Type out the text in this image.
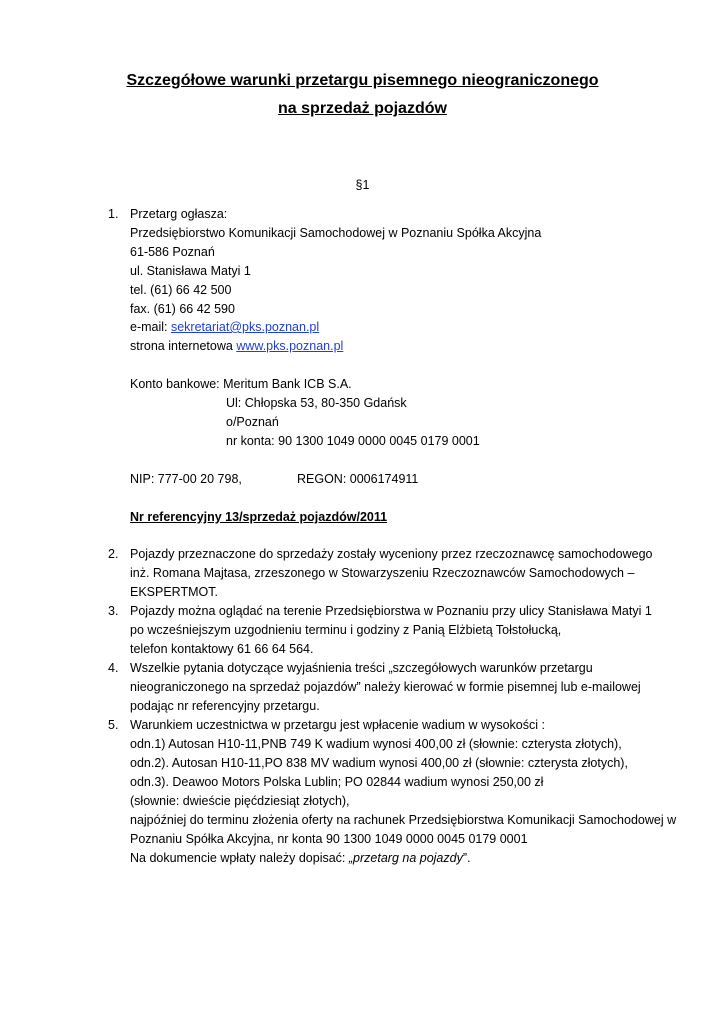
Szczegółowe warunki przetargu pisemnego nieograniczonego
na sprzedaż pojazdów
§1
1. Przetarg ogłasza:
Przedsiębiorstwo Komunikacji Samochodowej w Poznaniu Spółka Akcyjna
61-586 Poznań
ul. Stanisława Matyi 1
tel. (61) 66 42 500
fax. (61) 66 42 590
e-mail: sekretariat@pks.poznan.pl
strona internetowa www.pks.poznan.pl
Konto bankowe: Meritum Bank ICB S.A.
Ul: Chłopska 53, 80-350 Gdańsk
o/Poznań
nr konta: 90 1300 1049 0000 0045 0179 0001
NIP: 777-00 20 798,	REGON: 0006174911
Nr referencyjny 13/sprzedaż pojazdów/2011
2. Pojazdy przeznaczone do sprzedaży zostały wyceniony przez rzeczoznawcę samochodowego
inż. Romana Majtasa, zrzeszonego w Stowarzyszeniu Rzeczoznawców Samochodowych –
EKSPERTMOT.
3. Pojazdy można oglądać na terenie Przedsiębiorstwa w Poznaniu przy ulicy Stanisława Matyi 1
po wcześniejszym uzgodnieniu terminu i godziny z Panią Elżbietą Tołstołucką,
telefon kontaktowy 61 66 64 564.
4. Wszelkie pytania dotyczące wyjaśnienia treści „szczegółowych warunków przetargu
nieograniczonego na sprzedaż pojazdów” należy kierować w formie pisemnej lub e-mailowej
podając nr referencyjny przetargu.
5. Warunkiem uczestnictwa w przetargu jest wpłacenie wadium w wysokości :
odn.1) Autosan H10-11,PNB 749 K wadium wynosi 400,00 zł (słownie: czterysta złotych),
odn.2). Autosan H10-11,PO 838 MV wadium wynosi 400,00 zł (słownie: czterysta złotych),
odn.3). Deawoo Motors Polska Lublin; PO 02844 wadium wynosi 250,00 zł
(słownie: dwieście pięćdziesiąt złotych),
najpóźniej do terminu złożenia oferty na rachunek Przedsiębiorstwa Komunikacji Samochodowej w
Poznaniu Spółka Akcyjna, nr konta 90 1300 1049 0000 0045 0179 0001
Na dokumencie wpłaty należy dopisać: „przetarg na pojazdy”.
